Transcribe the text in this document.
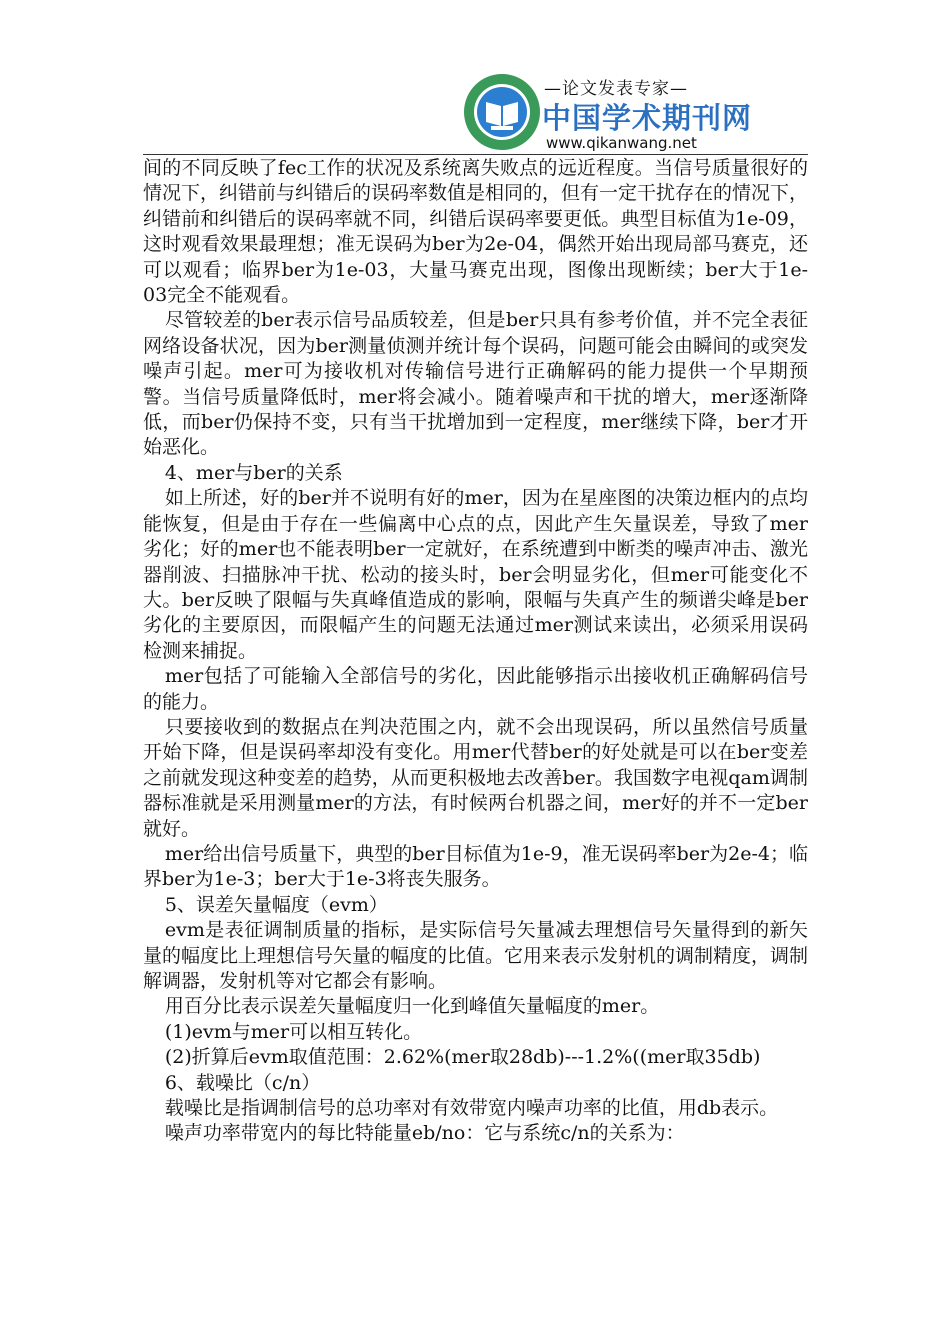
—论文发表专家—
中国学术期刊网
www.qikanwang.net

间的不同反映了fec工作的状况及系统离失败点的远近程度。当信号质量很好的情况下，纠错前与纠错后的误码率数值是相同的，但有一定干扰存在的情况下，纠错前和纠错后的误码率就不同，纠错后误码率要更低。典型目标值为1e-09，这时观看效果最理想；准无误码为ber为2e-04，偶然开始出现局部马赛克，还可以观看；临界ber为1e-03，大量马赛克出现，图像出现断续；ber大于1e-03完全不能观看。

尽管较差的ber表示信号品质较差，但是ber只具有参考价值，并不完全表征网络设备状况，因为ber测量侦测并统计每个误码，问题可能会由瞬间的或突发噪声引起。mer可为接收机对传输信号进行正确解码的能力提供一个早期预警。当信号质量降低时，mer将会减小。随着噪声和干扰的增大，mer逐渐降低，而ber仍保持不变，只有当干扰增加到一定程度，mer继续下降，ber才开始恶化。

4、mer与ber的关系

如上所述，好的ber并不说明有好的mer，因为在星座图的决策边框内的点均能恢复，但是由于存在一些偏离中心点的点，因此产生矢量误差，导致了mer劣化；好的mer也不能表明ber一定就好，在系统遭到中断类的噪声冲击、激光器削波、扫描脉冲干扰、松动的接头时，ber会明显劣化，但mer可能变化不大。ber反映了限幅与失真峰值造成的影响，限幅与失真产生的频谱尖峰是ber劣化的主要原因，而限幅产生的问题无法通过mer测试来读出，必须采用误码检测来捕捉。

mer包括了可能输入全部信号的劣化，因此能够指示出接收机正确解码信号的能力。

只要接收到的数据点在判决范围之内，就不会出现误码，所以虽然信号质量开始下降，但是误码率却没有变化。用mer代替ber的好处就是可以在ber变差之前就发现这种变差的趋势，从而更积极地去改善ber。我国数字电视qam调制器标准就是采用测量mer的方法，有时候两台机器之间，mer好的并不一定ber就好。

mer给出信号质量下，典型的ber目标值为1e-9，准无误码率ber为2e-4；临界ber为1e-3；ber大于1e-3将丧失服务。

5、误差矢量幅度（evm）

evm是表征调制质量的指标，是实际信号矢量减去理想信号矢量得到的新矢量的幅度比上理想信号矢量的幅度的比值。它用来表示发射机的调制精度，调制解调器，发射机等对它都会有影响。

用百分比表示误差矢量幅度归一化到峰值矢量幅度的mer。

(1)evm与mer可以相互转化。

(2)折算后evm取值范围：2.62%(mer取28db)---1.2%((mer取35db)

6、载噪比（c/n）

载噪比是指调制信号的总功率对有效带宽内噪声功率的比值，用db表示。

噪声功率带宽内的每比特能量eb/no：它与系统c/n的关系为：
